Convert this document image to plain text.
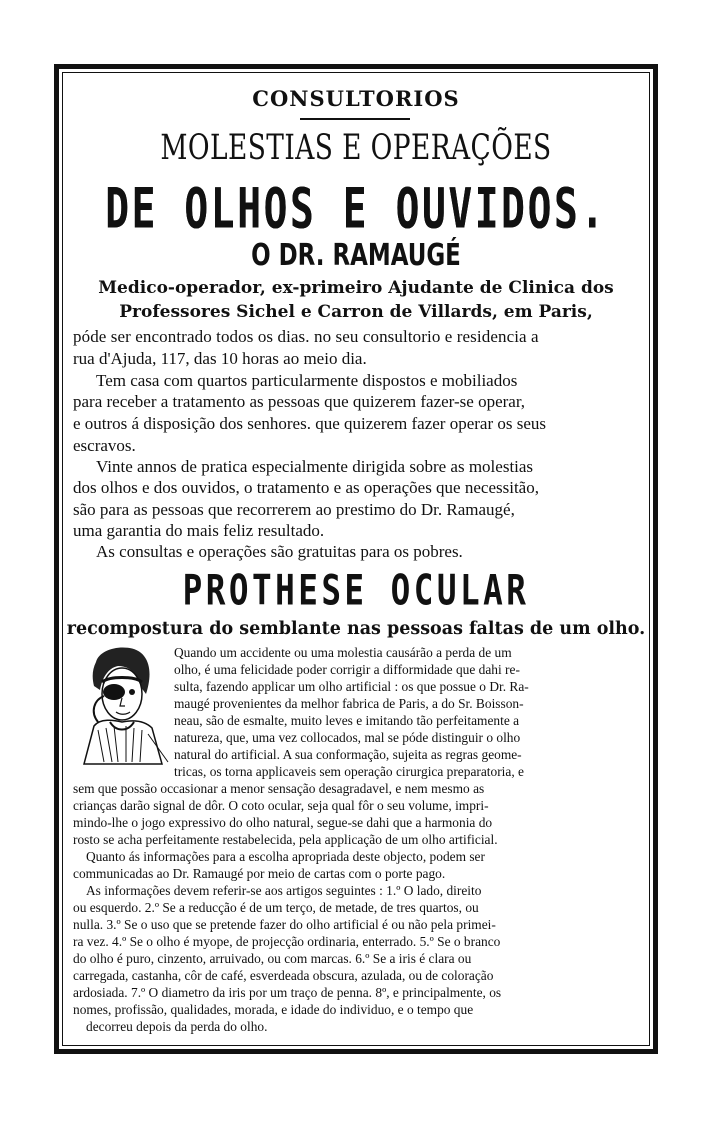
CONSULTORIOS
MOLESTIAS E OPERAÇÕES
DE OLHOS E OUVIDOS.
O DR. RAMAUGÉ
Medico-operador, ex-primeiro Ajudante de Clinica dos
Professores Sichel e Carron de Villards, em Paris,
póde ser encontrado todos os dias. no seu consultorio e residencia a
rua d'Ajuda, 117, das 10 horas ao meio dia.
Tem casa com quartos particularmente dispostos e mobiliados
para receber a tratamento as pessoas que quizerem fazer-se operar,
e outros á disposição dos senhores. que quizerem fazer operar os seus
escravos.
Vinte annos de pratica especialmente dirigida sobre as molestias
dos olhos e dos ouvidos, o tratamento e as operações que necessitão,
são para as pessoas que recorrerem ao prestimo do Dr. Ramaugé,
uma garantia do mais feliz resultado.
As consultas e operações são gratuitas para os pobres.
PROTHESE OCULAR
recompostura do semblante nas pessoas faltas de um olho.
Quando um accidente ou uma molestia causárão a perda de um
olho, é uma felicidade poder corrigir a difformidade que dahi re-
sulta, fazendo applicar um olho artificial : os que possue o Dr. Ra-
maugé provenientes da melhor fabrica de Paris, a do Sr. Boisson-
neau, são de esmalte, muito leves e imitando tão perfeitamente a
natureza, que, uma vez collocados, mal se póde distinguir o olho
natural do artificial. A sua conformação, sujeita as regras geome-
tricas, os torna applicaveis sem operação cirurgica preparatoria, e
sem que possão occasionar a menor sensação desagradavel, e nem mesmo as
crianças darão signal de dôr. O coto ocular, seja qual fôr o seu volume, impri-
mindo-lhe o jogo expressivo do olho natural, segue-se dahi que a harmonia do
rosto se acha perfeitamente restabelecida, pela applicação de um olho artificial.
Quanto ás informações para a escolha apropriada deste objecto, podem ser
communicadas ao Dr. Ramaugé por meio de cartas com o porte pago.
As informações devem referir-se aos artigos seguintes : 1.º O lado, direito
ou esquerdo. 2.º Se a reducção é de um terço, de metade, de tres quartos, ou
nulla. 3.º Se o uso que se pretende fazer do olho artificial é ou não pela primei-
ra vez. 4.º Se o olho é myope, de projecção ordinaria, enterrado. 5.º Se o branco
do olho é puro, cinzento, arruivado, ou com marcas. 6.º Se a iris é clara ou
carregada, castanha, côr de café, esverdeada obscura, azulada, ou de coloração
ardosiada. 7.º O diametro da iris por um traço de penna. 8º, e principalmente, os
nomes, profissão, qualidades, morada, e idade do individuo, e o tempo que
decorreu depois da perda do olho.
